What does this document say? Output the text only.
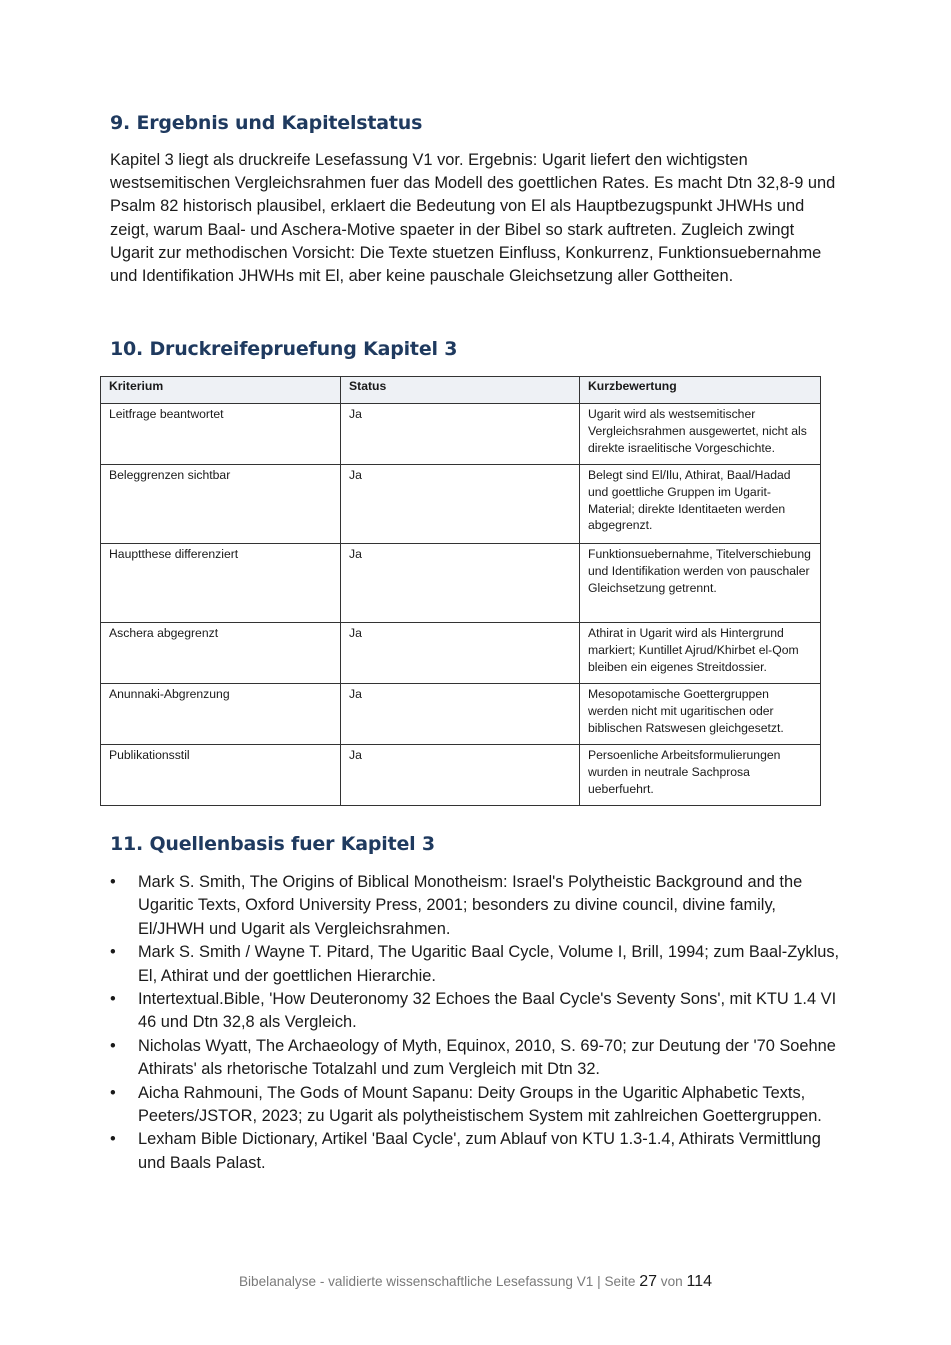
9. Ergebnis und Kapitelstatus

Kapitel 3 liegt als druckreife Lesefassung V1 vor. Ergebnis: Ugarit liefert den wichtigsten westsemitischen Vergleichsrahmen fuer das Modell des goettlichen Rates. Es macht Dtn 32,8-9 und Psalm 82 historisch plausibel, erklaert die Bedeutung von El als Hauptbezugspunkt JHWHs und zeigt, warum Baal- und Aschera-Motive spaeter in der Bibel so stark auftreten. Zugleich zwingt Ugarit zur methodischen Vorsicht: Die Texte stuetzen Einfluss, Konkurrenz, Funktionsuebernahme und Identifikation JHWHs mit El, aber keine pauschale Gleichsetzung aller Gottheiten.

10. Druckreifepruefung Kapitel 3
Kriterium	Status	Kurzbewertung
Leitfrage beantwortet	Ja	Ugarit wird als westsemitischer Vergleichsrahmen ausgewertet, nicht als direkte israelitische Vorgeschichte.
Beleggrenzen sichtbar	Ja	Belegt sind El/Ilu, Athirat, Baal/Hadad und goettliche Gruppen im Ugarit-Material; direkte Identitaeten werden abgegrenzt.
Hauptthese differenziert	Ja	Funktionsuebernahme, Titelverschiebung und Identifikation werden von pauschaler Gleichsetzung getrennt.
Aschera abgegrenzt	Ja	Athirat in Ugarit wird als Hintergrund markiert; Kuntillet Ajrud/Khirbet el-Qom bleiben ein eigenes Streitdossier.
Anunnaki-Abgrenzung	Ja	Mesopotamische Goettergruppen werden nicht mit ugaritischen oder biblischen Ratswesen gleichgesetzt.
Publikationsstil	Ja	Persoenliche Arbeitsformulierungen wurden in neutrale Sachprosa ueberfuehrt.
11. Quellenbasis fuer Kapitel 3
•	Mark S. Smith, The Origins of Biblical Monotheism: Israel's Polytheistic Background and the Ugaritic Texts, Oxford University Press, 2001; besonders zu divine council, divine family, El/JHWH und Ugarit als Vergleichsrahmen.
•	Mark S. Smith / Wayne T. Pitard, The Ugaritic Baal Cycle, Volume I, Brill, 1994; zum Baal-Zyklus, El, Athirat und der goettlichen Hierarchie.
•	Intertextual.Bible, 'How Deuteronomy 32 Echoes the Baal Cycle's Seventy Sons', mit KTU 1.4 VI 46 und Dtn 32,8 als Vergleich.
•	Nicholas Wyatt, The Archaeology of Myth, Equinox, 2010, S. 69-70; zur Deutung der '70 Soehne Athirats' als rhetorische Totalzahl und zum Vergleich mit Dtn 32.
•	Aicha Rahmouni, The Gods of Mount Sapanu: Deity Groups in the Ugaritic Alphabetic Texts, Peeters/JSTOR, 2023; zu Ugarit als polytheistischem System mit zahlreichen Goettergruppen.
•	Lexham Bible Dictionary, Artikel 'Baal Cycle', zum Ablauf von KTU 1.3-1.4, Athirats Vermittlung und Baals Palast.
Bibelanalyse - validierte wissenschaftliche Lesefassung V1 | Seite 27 von 114
